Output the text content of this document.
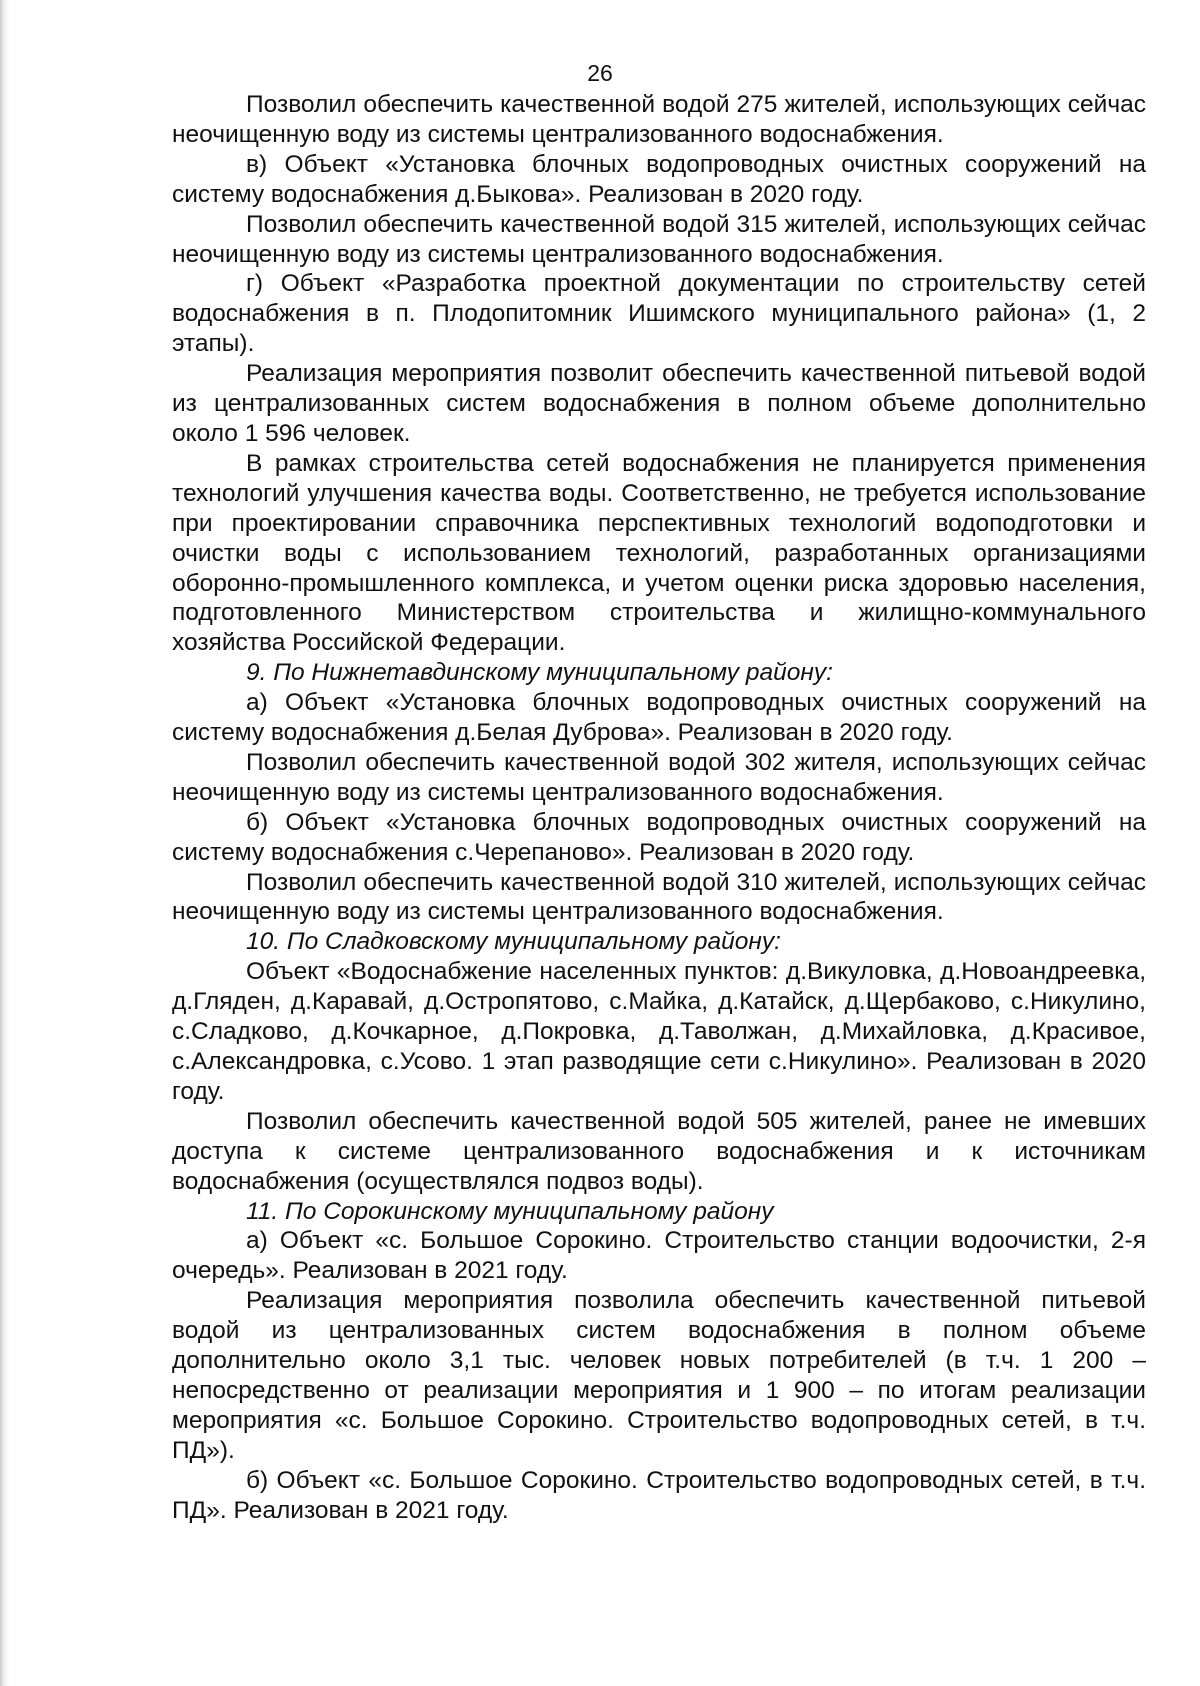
26

Позволил обеспечить качественной водой 275 жителей, использующих сейчас неочищенную воду из системы централизованного водоснабжения.

в) Объект «Установка блочных водопроводных очистных сооружений на систему водоснабжения д.Быкова». Реализован в 2020 году.

Позволил обеспечить качественной водой 315 жителей, использующих сейчас неочищенную воду из системы централизованного водоснабжения.

г) Объект «Разработка проектной документации по строительству сетей водоснабжения в п. Плодопитомник Ишимского муниципального района» (1, 2 этапы).

Реализация мероприятия позволит обеспечить качественной питьевой водой из централизованных систем водоснабжения в полном объеме дополнительно около 1 596 человек.

В рамках строительства сетей водоснабжения не планируется применения технологий улучшения качества воды. Соответственно, не требуется использование при проектировании справочника перспективных технологий водоподготовки и очистки воды с использованием технологий, разработанных организациями оборонно-промышленного комплекса, и учетом оценки риска здоровью населения, подготовленного Министерством строительства и жилищно-коммунального хозяйства Российской Федерации.

9. По Нижнетавдинскому муниципальному району:

а) Объект «Установка блочных водопроводных очистных сооружений на систему водоснабжения д.Белая Дуброва». Реализован в 2020 году.

Позволил обеспечить качественной водой 302 жителя, использующих сейчас неочищенную воду из системы централизованного водоснабжения.

б) Объект «Установка блочных водопроводных очистных сооружений на систему водоснабжения с.Черепаново». Реализован в 2020 году.

Позволил обеспечить качественной водой 310 жителей, использующих сейчас неочищенную воду из системы централизованного водоснабжения.

10. По Сладковскому муниципальному району:

Объект «Водоснабжение населенных пунктов: д.Викуловка, д.Новоандреевка, д.Гляден, д.Каравай, д.Остропятово, с.Майка, д.Катайск, д.Щербаково, с.Никулино, с.Сладково, д.Кочкарное, д.Покровка, д.Таволжан, д.Михайловка, д.Красивое, с.Александровка, с.Усово. 1 этап разводящие сети с.Никулино». Реализован в 2020 году.

Позволил обеспечить качественной водой 505 жителей, ранее не имевших доступа к системе централизованного водоснабжения и к источникам водоснабжения (осуществлялся подвоз воды).

11. По Сорокинскому муниципальному району

а) Объект «с. Большое Сорокино. Строительство станции водоочистки, 2-я очередь». Реализован в 2021 году.

Реализация мероприятия позволила обеспечить качественной питьевой водой из централизованных систем водоснабжения в полном объеме дополнительно около 3,1 тыс. человек новых потребителей (в т.ч. 1 200 – непосредственно от реализации мероприятия и 1 900 – по итогам реализации мероприятия «с. Большое Сорокино. Строительство водопроводных сетей, в т.ч. ПД»).

б) Объект «с. Большое Сорокино. Строительство водопроводных сетей, в т.ч. ПД». Реализован в 2021 году.
